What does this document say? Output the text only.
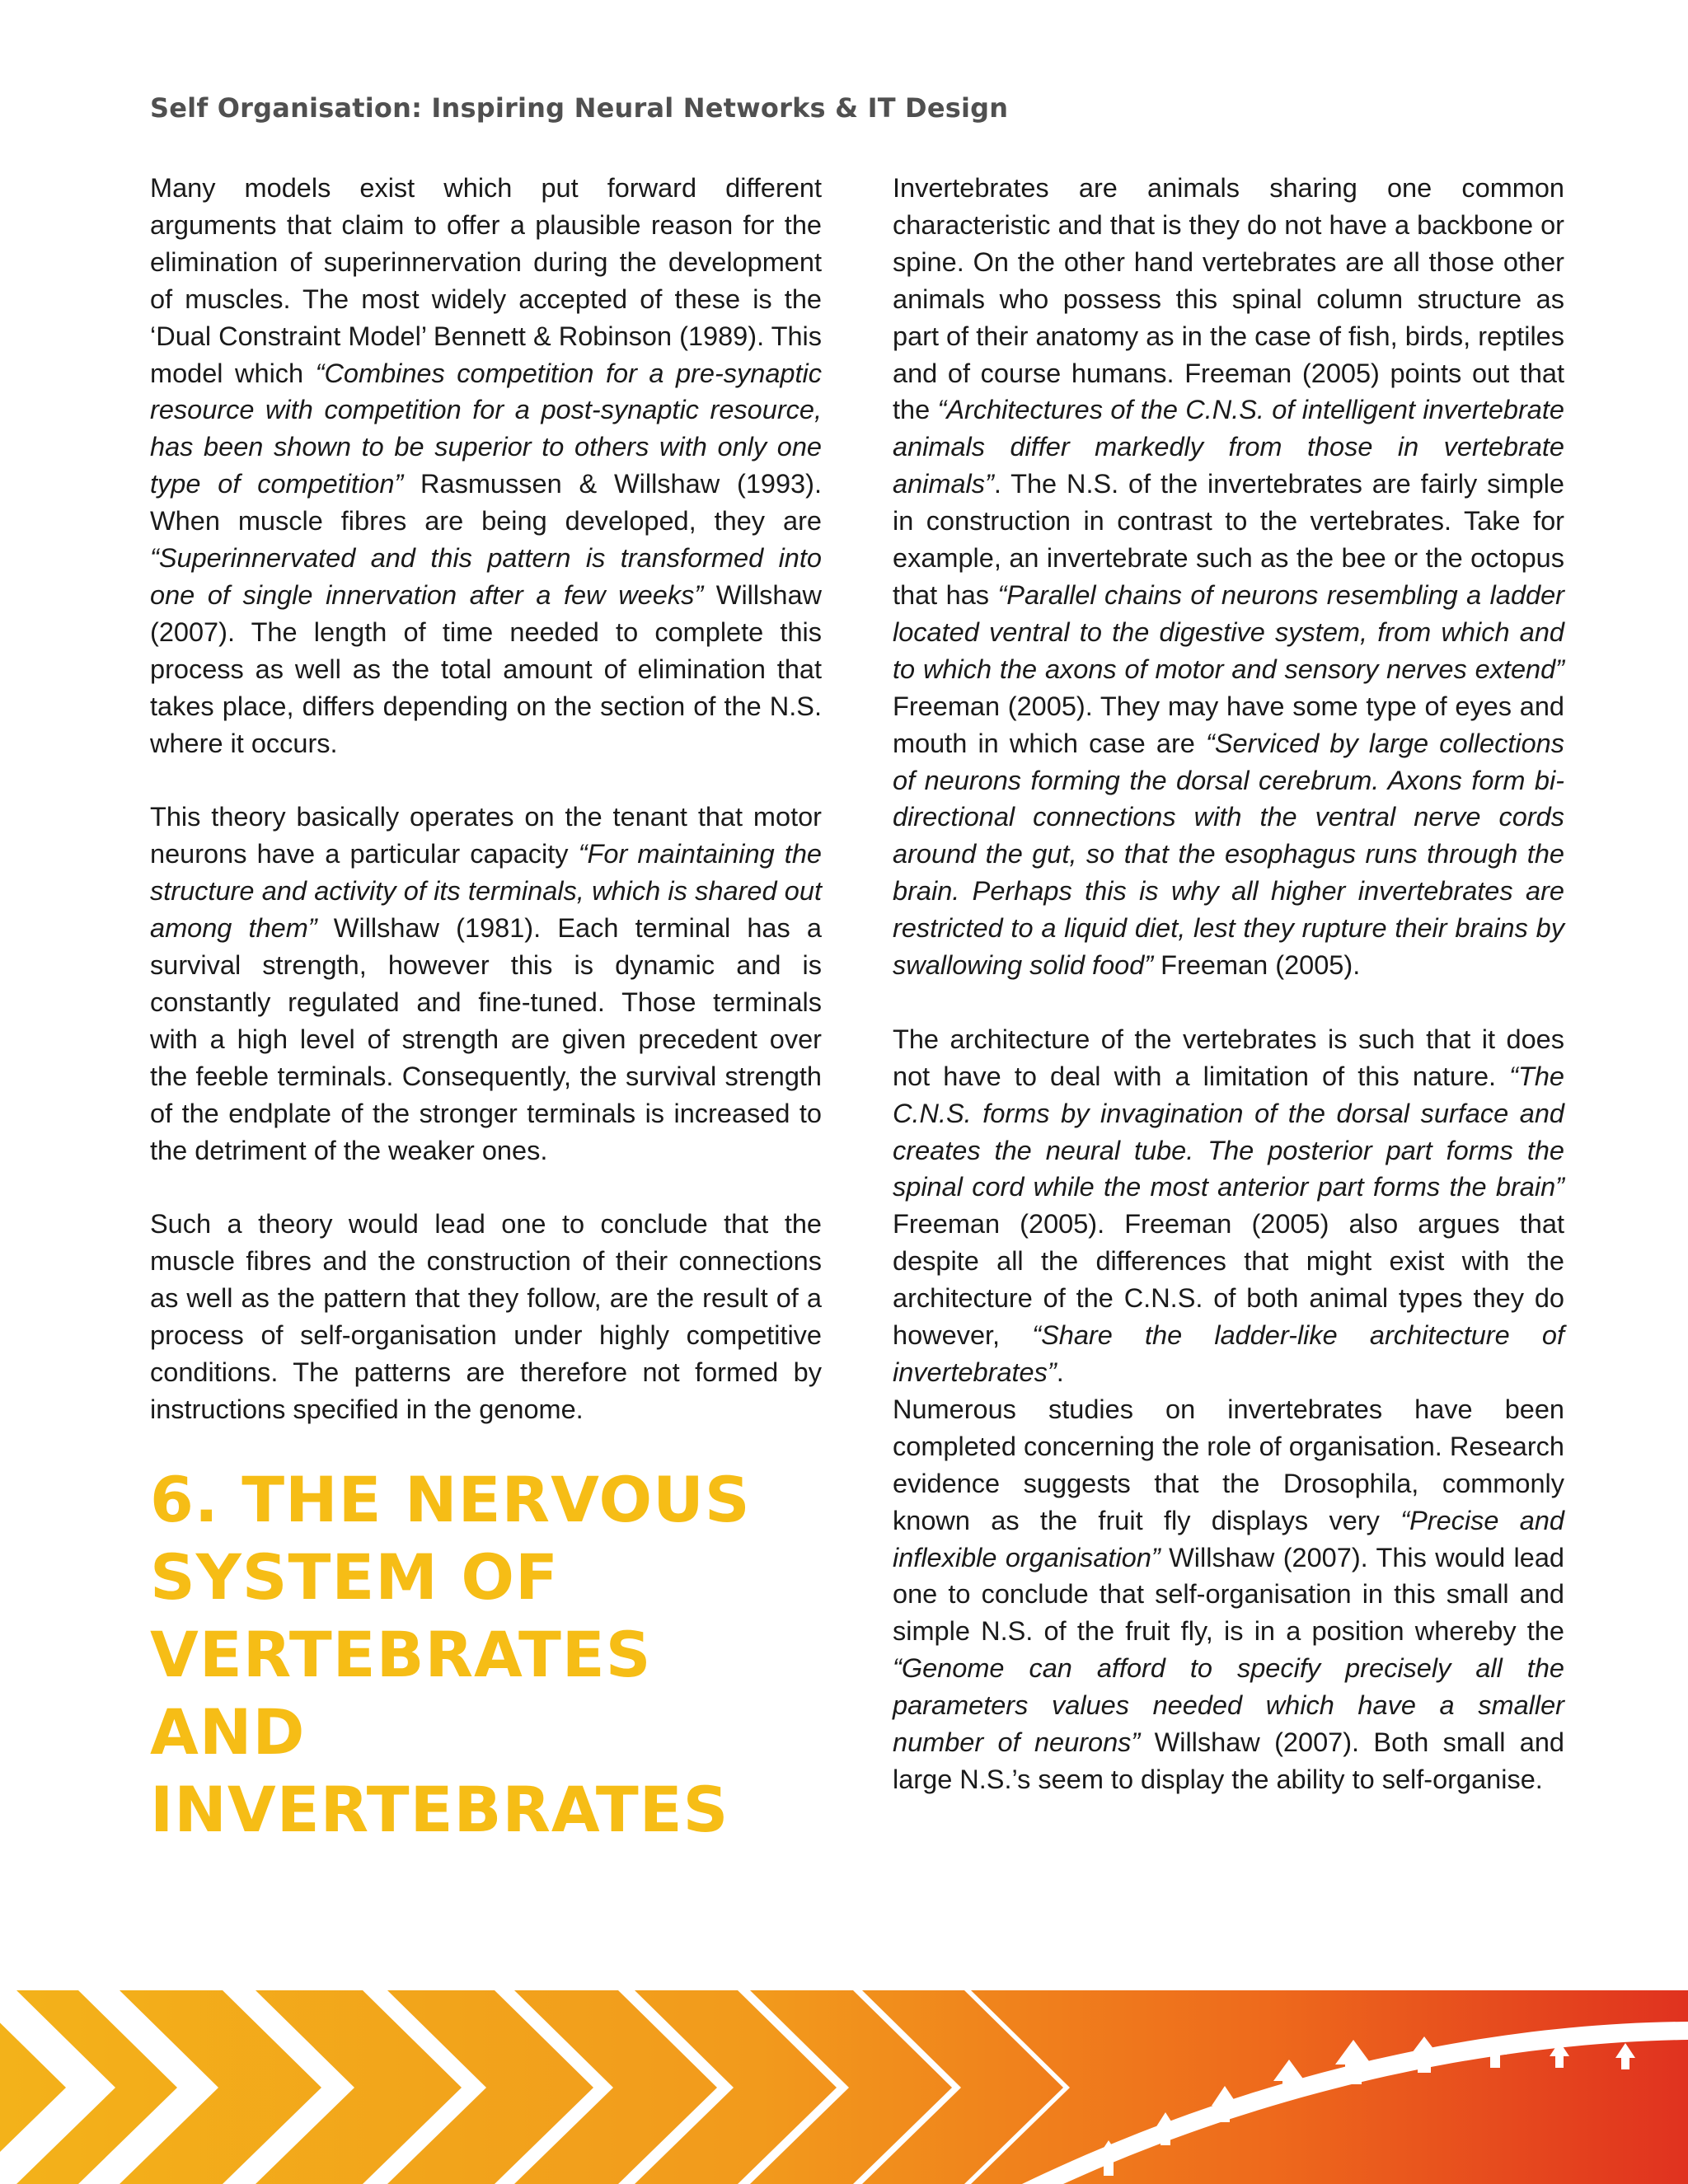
Self Organisation: Inspiring Neural Networks & IT Design

Many models exist which put forward different arguments that claim to offer a plausible reason for the elimination of superinnervation during the development of muscles. The most widely accepted of these is the ‘Dual Constraint Model’ Bennett & Robinson (1989). This model which “Combines competition for a pre-synaptic resource with competition for a post-synaptic resource, has been shown to be superior to others with only one type of competition” Rasmussen & Willshaw (1993). When muscle fibres are being developed, they are “Superinnervated and this pattern is transformed into one of single innervation after a few weeks” Willshaw (2007). The length of time needed to complete this process as well as the total amount of elimination that takes place, differs depending on the section of the N.S. where it occurs.

This theory basically operates on the tenant that motor neurons have a particular capacity “For maintaining the structure and activity of its terminals, which is shared out among them” Willshaw (1981). Each terminal has a survival strength, however this is dynamic and is constantly regulated and fine-tuned. Those terminals with a high level of strength are given precedent over the feeble terminals. Consequently, the survival strength of the endplate of the stronger terminals is increased to the detriment of the weaker ones.

Such a theory would lead one to conclude that the muscle fibres and the construction of their connections as well as the pattern that they follow, are the result of a process of self-organisation under highly competitive conditions. The patterns are therefore not formed by instructions specified in the genome.

6. THE NERVOUS SYSTEM OF VERTEBRATES AND INVERTEBRATES

Invertebrates are animals sharing one common characteristic and that is they do not have a backbone or spine. On the other hand vertebrates are all those other animals who possess this spinal column structure as part of their anatomy as in the case of fish, birds, reptiles and of course humans. Freeman (2005) points out that the “Architectures of the C.N.S. of intelligent invertebrate animals differ markedly from those in vertebrate animals”. The N.S. of the invertebrates are fairly simple in construction in contrast to the vertebrates. Take for example, an invertebrate such as the bee or the octopus that has “Parallel chains of neurons resembling a ladder located ventral to the digestive system, from which and to which the axons of motor and sensory nerves extend” Freeman (2005). They may have some type of eyes and mouth in which case are “Serviced by large collections of neurons forming the dorsal cerebrum. Axons form bi-directional connections with the ventral nerve cords around the gut, so that the esophagus runs through the brain. Perhaps this is why all higher invertebrates are restricted to a liquid diet, lest they rupture their brains by swallowing solid food” Freeman (2005).

The architecture of the vertebrates is such that it does not have to deal with a limitation of this nature. “The C.N.S. forms by invagination of the dorsal surface and creates the neural tube. The posterior part forms the spinal cord while the most anterior part forms the brain” Freeman (2005). Freeman (2005) also argues that despite all the differences that might exist with the architecture of the C.N.S. of both animal types they do however, “Share the ladder-like architecture of invertebrates”.

Numerous studies on invertebrates have been completed concerning the role of organisation. Research evidence suggests that the Drosophila, commonly known as the fruit fly displays very “Precise and inflexible organisation” Willshaw (2007). This would lead one to conclude that self-organisation in this small and simple N.S. of the fruit fly, is in a position whereby the “Genome can afford to specify precisely all the parameters values needed which have a smaller number of neurons” Willshaw (2007). Both small and large N.S.’s seem to display the ability to self-organise.
